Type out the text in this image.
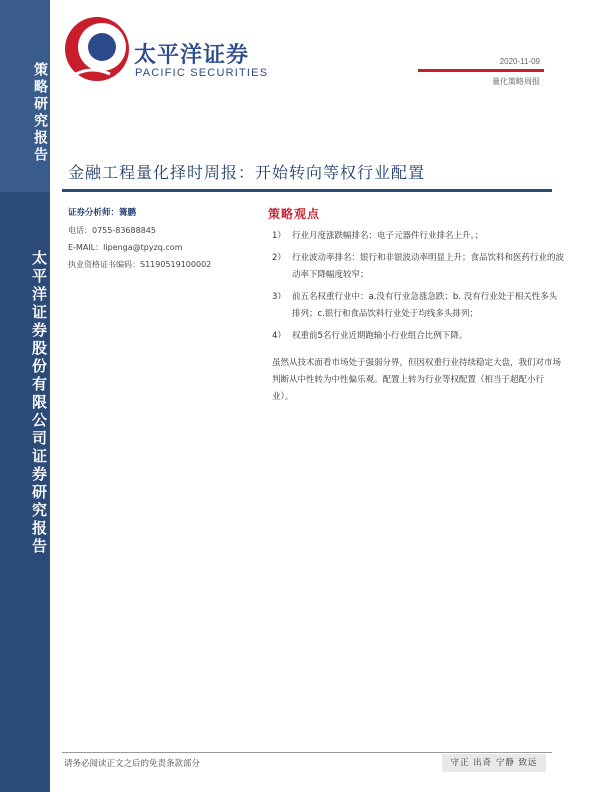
策略研究报告
太平洋证券股份有限公司证券研究报告
太平洋证券
PACIFIC SECURITIES
2020-11-09
量化策略周报
金融工程量化择时周报：开始转向等权行业配置
证券分析师：篝鹏
电话：0755-83688845
E-MAIL：lipenga@tpyzq.com
执业资格证书编码：S1190519100002
策略观点
1） 行业月度涨跌幅排名：电子元器件行业排名上升。；
2） 行业波动率排名：银行和非银波动率明显上升；食品饮料和医药行业的波动率下降幅度较窄；
3） 前五名权重行业中：a.没有行业急涨急跌；b. 没有行业处于相关性多头排列；c.银行和食品饮料行业处于均线多头排列；
4） 权重前5名行业近期跑输小行业组合比例下降。
虽然从技术面看市场处于强弱分界，但因权重行业持续稳定大盘，我们对市场判断从中性转为中性偏乐观。配置上转为行业等权配置（相当于超配小行业）。
请务必阅读正文之后的免责条款部分	守正 出奇 宁静 致远
